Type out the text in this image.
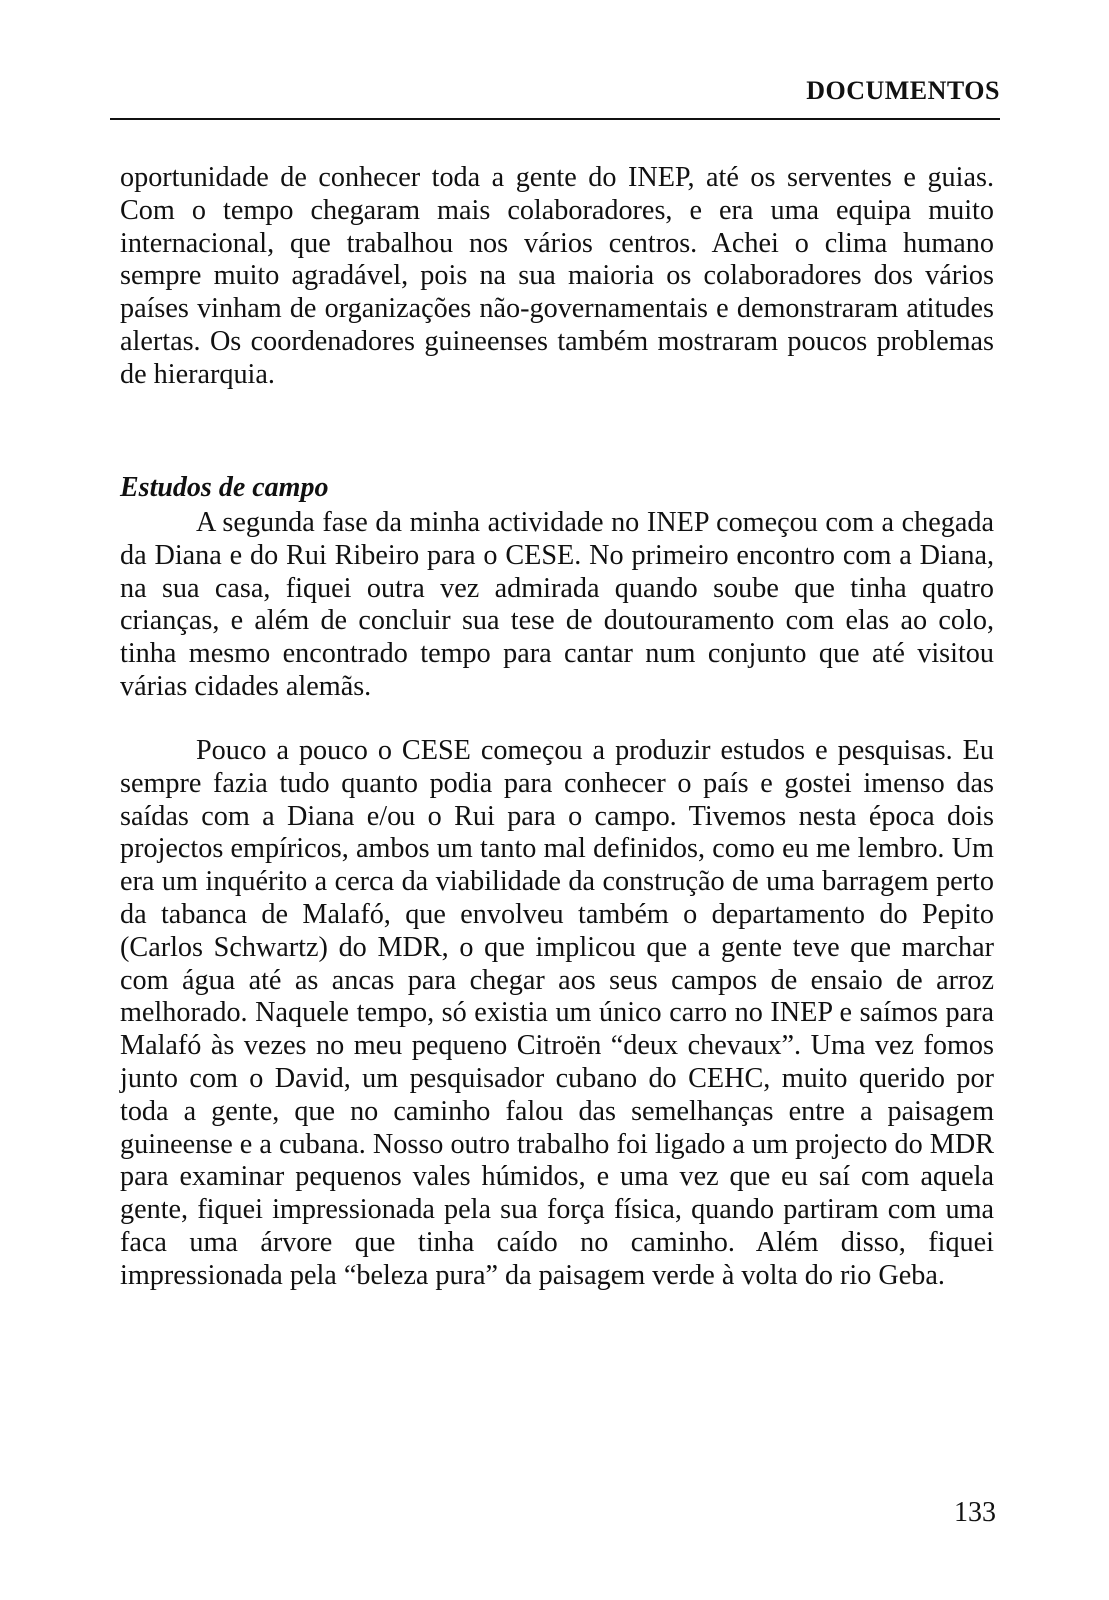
DOCUMENTOS

oportunidade de conhecer toda a gente do INEP, até os serventes e guias. Com o tempo chegaram mais colaboradores, e era uma equipa muito internacional, que trabalhou nos vários centros. Achei o clima humano sempre muito agradável, pois na sua maioria os colaboradores dos vários países vinham de organizações não-governamentais e demonstraram atitudes alertas. Os coordenadores guineenses também mostraram poucos problemas de hierarquia.

Estudos de campo

A segunda fase da minha actividade no INEP começou com a chegada da Diana e do Rui Ribeiro para o CESE. No primeiro encontro com a Diana, na sua casa, fiquei outra vez admirada quando soube que tinha quatro crianças, e além de concluir sua tese de doutouramento com elas ao colo, tinha mesmo encontrado tempo para cantar num conjunto que até visitou várias cidades alemãs.

Pouco a pouco o CESE começou a produzir estudos e pesquisas. Eu sempre fazia tudo quanto podia para conhecer o país e gostei imenso das saídas com a Diana e/ou o Rui para o campo. Tivemos nesta época dois projectos empíricos, ambos um tanto mal definidos, como eu me lembro. Um era um inquérito a cerca da viabilidade da construção de uma barragem perto da tabanca de Malafó, que envolveu também o departamento do Pepito (Carlos Schwartz) do MDR, o que implicou que a gente teve que marchar com água até as ancas para chegar aos seus campos de ensaio de arroz melhorado. Naquele tempo, só existia um único carro no INEP e saímos para Malafó às vezes no meu pequeno Citroën “deux chevaux”. Uma vez fomos junto com o David, um pesquisador cubano do CEHC, muito querido por toda a gente, que no caminho falou das semelhanças entre a paisagem guineense e a cubana. Nosso outro trabalho foi ligado a um projecto do MDR para examinar pequenos vales húmidos, e uma vez que eu saí com aquela gente, fiquei impressionada pela sua força física, quando partiram com uma faca uma árvore que tinha caído no caminho. Além disso, fiquei impressionada pela “beleza pura” da paisagem verde à volta do rio Geba.

133
